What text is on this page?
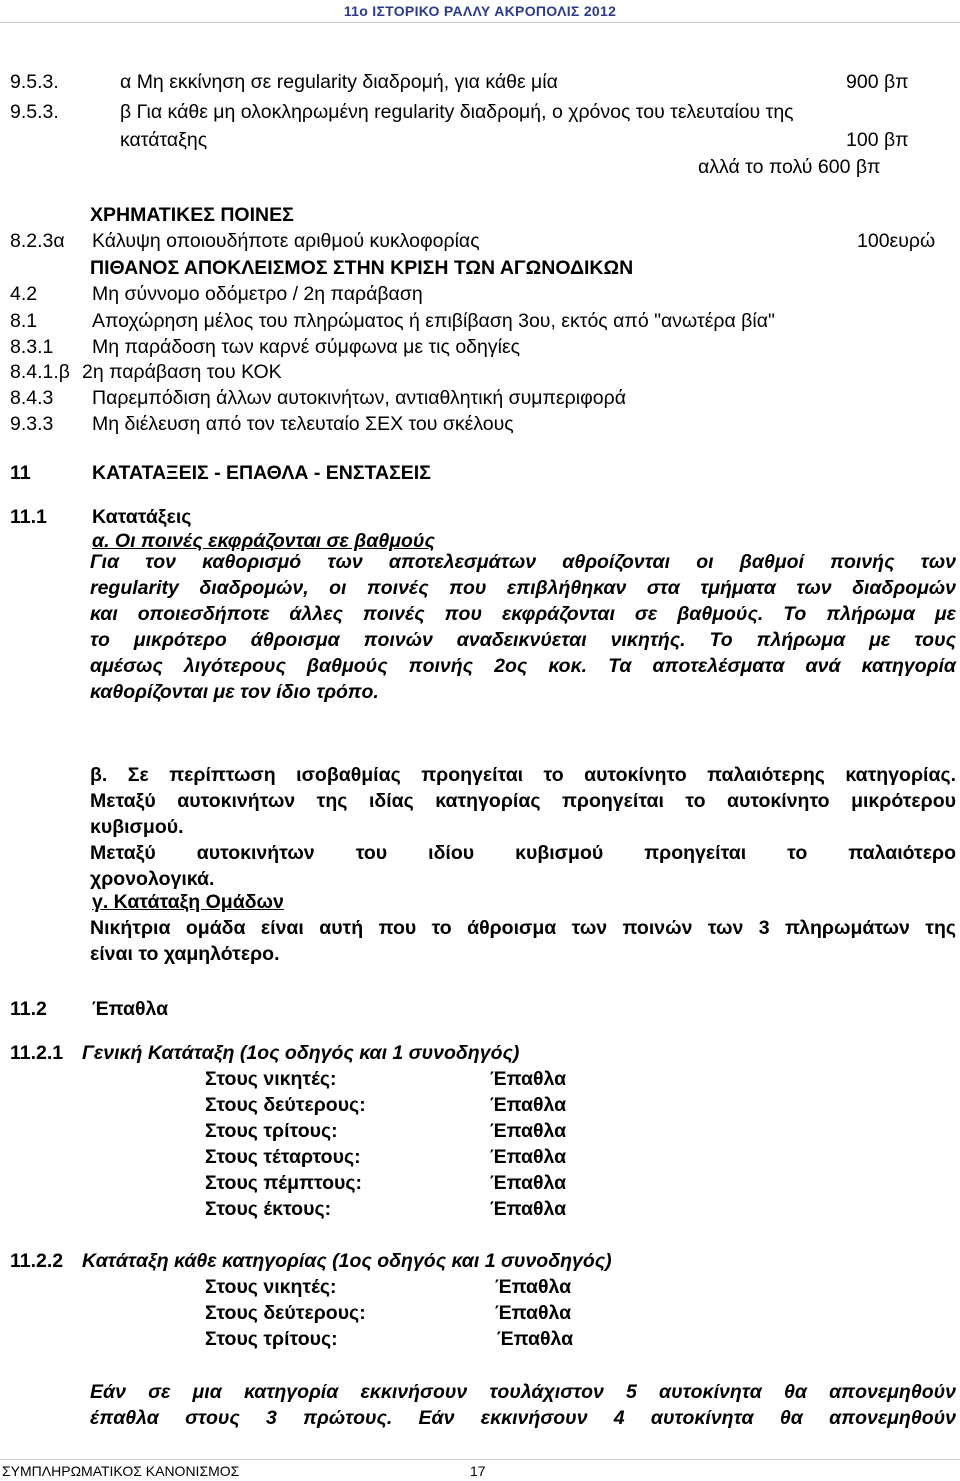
11ο ΙΣΤΟΡΙΚΟ ΡΑΛΛΥ ΑΚΡΟΠΟΛΙΣ 2012
9.5.3.	α Μη εκκίνηση σε regularity διαδρομή, για κάθε μία	900 βπ
9.5.3.	β Για κάθε μη ολοκληρωμένη regularity διαδρομή, ο χρόνος του τελευταίου της
κατάταξης	100 βπ
αλλά το πολύ 600 βπ
ΧΡΗΜΑΤΙΚΕΣ ΠΟΙΝΕΣ
8.2.3α Κάλυψη οποιουδήποτε αριθμού κυκλοφορίας	100ευρώ
ΠΙΘΑΝΟΣ ΑΠΟΚΛΕΙΣΜΟΣ ΣΤΗΝ ΚΡΙΣΗ ΤΩΝ ΑΓΩΝΟΔΙΚΩΝ
4.2	Μη σύννομο οδόμετρο / 2η παράβαση
8.1	Αποχώρηση μέλος του πληρώματος ή επιβίβαση 3ου, εκτός από "ανωτέρα βία"
8.3.1 Μη παράδοση των καρνέ σύμφωνα με τις οδηγίες
8.4.1.β 2η παράβαση του ΚΟΚ
8.4.3 Παρεμπόδιση άλλων αυτοκινήτων, αντιαθλητική συμπεριφορά
9.3.3 Μη διέλευση από τον τελευταίο ΣΕΧ του σκέλους
11	ΚΑΤΑΤΑΞΕΙΣ - ΕΠΑΘΛΑ - ΕΝΣΤΑΣΕΙΣ
11.1 Κατατάξεις
α. Οι ποινές εκφράζονται σε βαθμούς
Για τον καθορισμό των αποτελεσμάτων αθροίζονται οι βαθμοί ποινής των
regularity διαδρομών, οι ποινές που επιβλήθηκαν στα τμήματα των διαδρομών
και οποιεσδήποτε άλλες ποινές που εκφράζονται σε βαθμούς. Το πλήρωμα με
το μικρότερο άθροισμα ποινών αναδεικνύεται νικητής. Το πλήρωμα με τους
αμέσως λιγότερους βαθμούς ποινής 2ος κοκ. Τα αποτελέσματα ανά κατηγορία
καθορίζονται με τον ίδιο τρόπο.
β. Σε περίπτωση ισοβαθμίας προηγείται το αυτοκίνητο παλαιότερης κατηγορίας.
Μεταξύ αυτοκινήτων της ιδίας κατηγορίας προηγείται το αυτοκίνητο μικρότερου
κυβισμού.
Μεταξύ αυτοκινήτων του ιδίου κυβισμού προηγείται το παλαιότερο
χρονολογικά.
γ. Κατάταξη Ομάδων
Νικήτρια ομάδα είναι αυτή που το άθροισμα των ποινών των 3 πληρωμάτων της
είναι το χαμηλότερο.
11.2 Έπαθλα
11.2.1 Γενική Κατάταξη (1ος οδηγός και 1 συνοδηγός)
Στους νικητές:	Έπαθλα
Στους δεύτερους:	Έπαθλα
Στους τρίτους:	Έπαθλα
Στους τέταρτους:	Έπαθλα
Στους πέμπτους:	Έπαθλα
Στους έκτους:	Έπαθλα
11.2.2 Κατάταξη κάθε κατηγορίας (1ος οδηγός και 1 συνοδηγός)
Στους νικητές:	Έπαθλα
Στους δεύτερους:	Έπαθλα
Στους τρίτους:	Έπαθλα
Εάν σε μια κατηγορία εκκινήσουν τουλάχιστον 5 αυτοκίνητα θα απονεμηθούν
έπαθλα στους 3 πρώτους. Εάν εκκινήσουν 4 αυτοκίνητα θα απονεμηθούν
ΣΥΜΠΛΗΡΩΜΑΤΙΚΟΣ ΚΑΝΟΝΙΣΜΟΣ	17
